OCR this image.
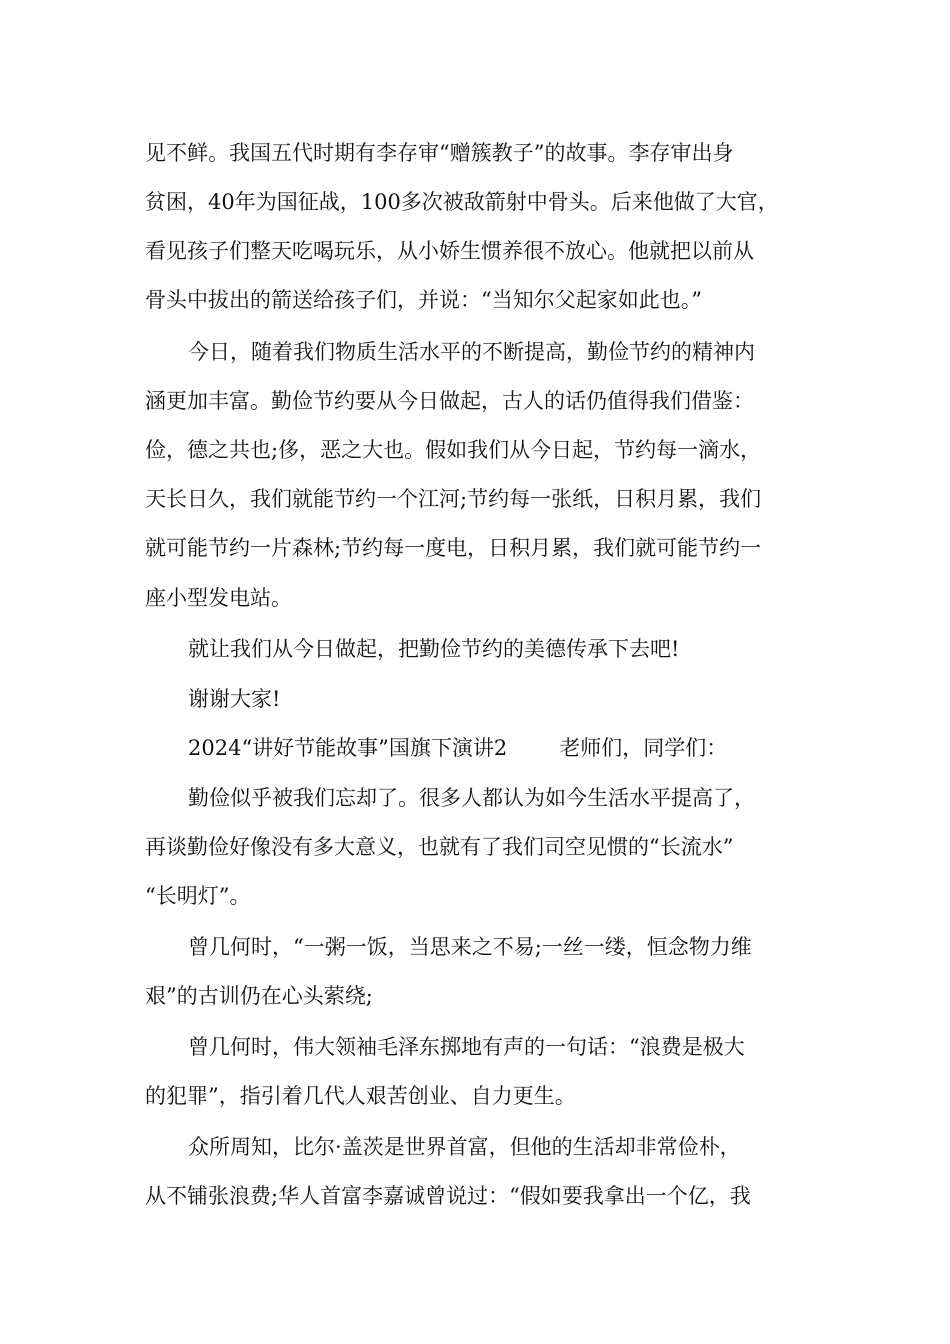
见不鲜。我国五代时期有李存审“赠簇教子”的故事。李存审出身
贫困，40年为国征战，100多次被敌箭射中骨头。后来他做了大官，
看见孩子们整天吃喝玩乐，从小娇生惯养很不放心。他就把以前从
骨头中拔出的箭送给孩子们，并说：“当知尔父起家如此也。”
今日，随着我们物质生活水平的不断提高，勤俭节约的精神内
涵更加丰富。勤俭节约要从今日做起，古人的话仍值得我们借鉴：
俭，德之共也;侈，恶之大也。假如我们从今日起，节约每一滴水，
天长日久，我们就能节约一个江河;节约每一张纸，日积月累，我们
就可能节约一片森林;节约每一度电，日积月累，我们就可能节约一
座小型发电站。
就让我们从今日做起，把勤俭节约的美德传承下去吧!
谢谢大家!
2024“讲好节能故事”国旗下演讲2 老师们，同学们：
勤俭似乎被我们忘却了。很多人都认为如今生活水平提高了，
再谈勤俭好像没有多大意义，也就有了我们司空见惯的“长流水”
“长明灯”。
曾几何时，“一粥一饭，当思来之不易;一丝一缕，恒念物力维
艰”的古训仍在心头萦绕;
曾几何时，伟大领袖毛泽东掷地有声的一句话：“浪费是极大
的犯罪”，指引着几代人艰苦创业、自力更生。
众所周知，比尔·盖茨是世界首富，但他的生活却非常俭朴，
从不铺张浪费;华人首富李嘉诚曾说过：“假如要我拿出一个亿，我
